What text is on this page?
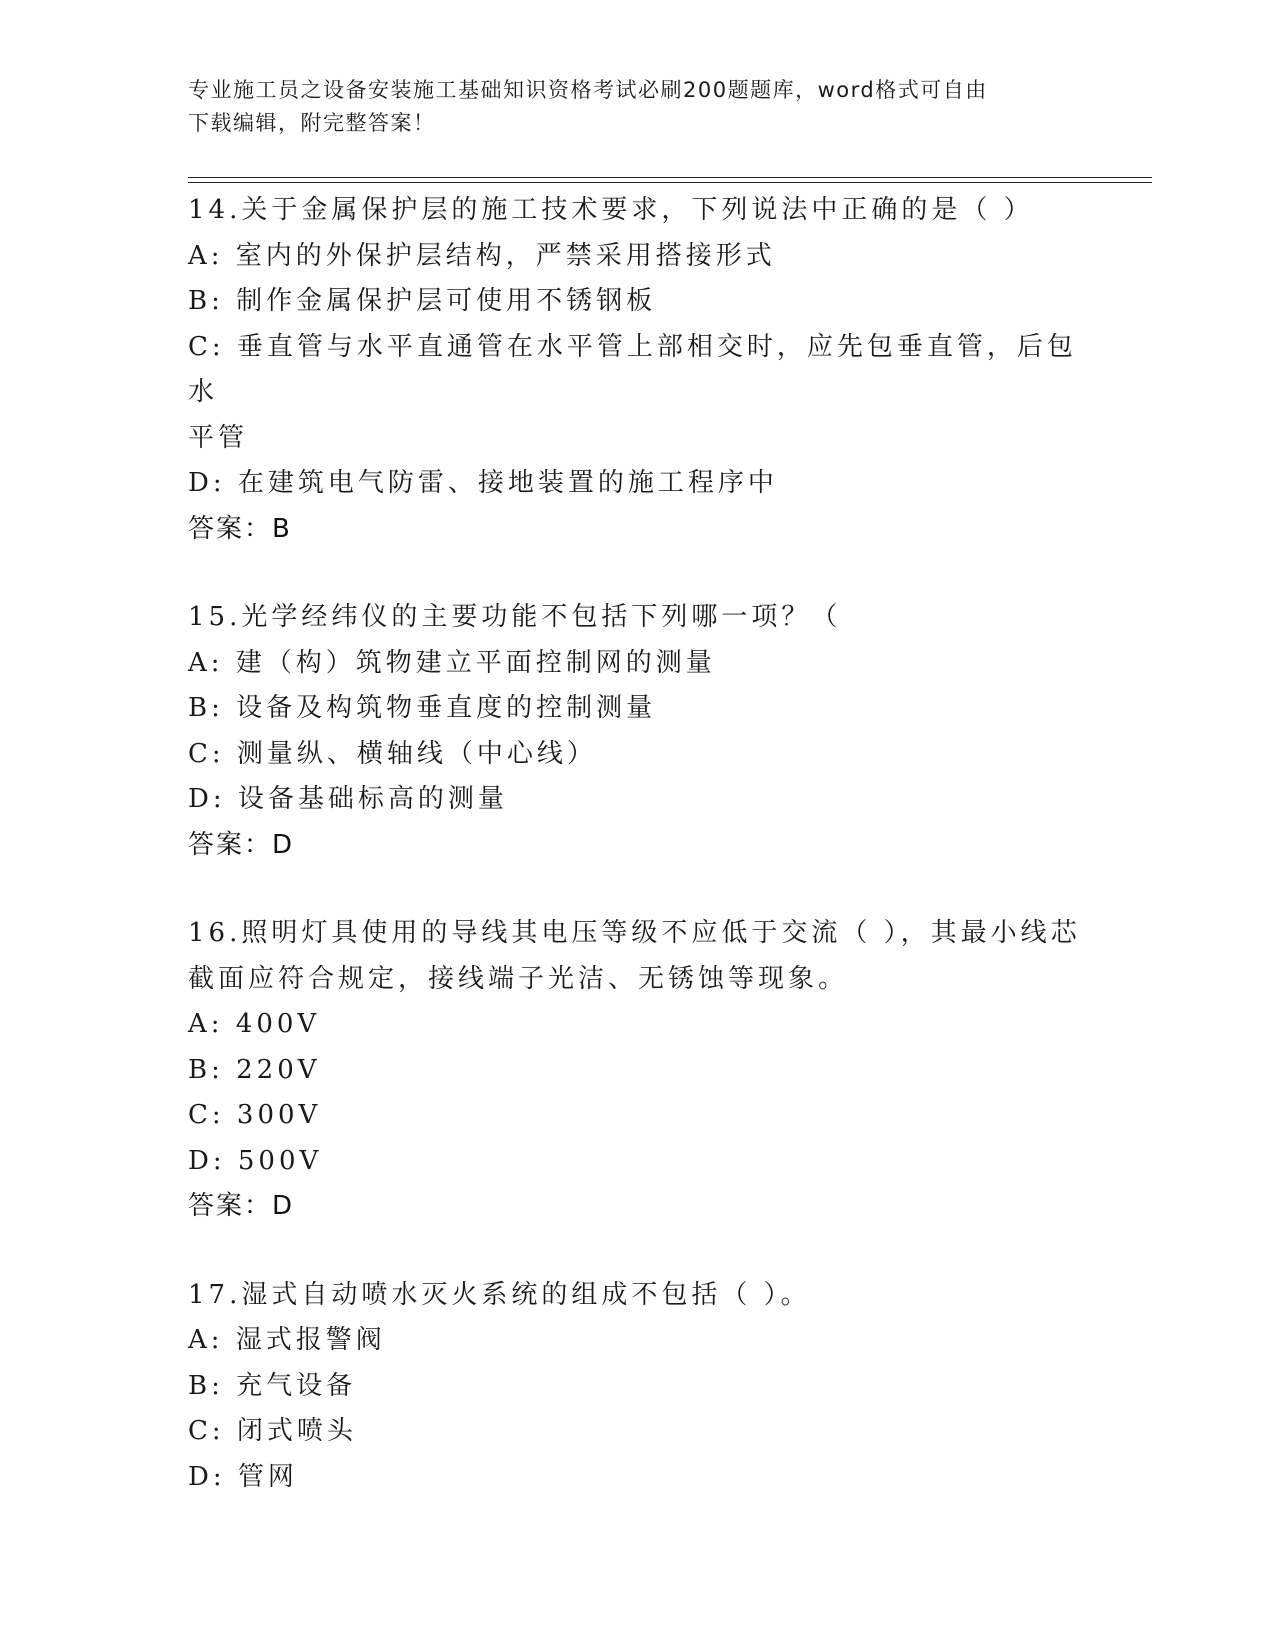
专业施工员之设备安装施工基础知识资格考试必刷200题题库，word格式可自由
下载编辑，附完整答案！
14.关于金属保护层的施工技术要求，下列说法中正确的是（ ）
A: 室内的外保护层结构，严禁采用搭接形式
B: 制作金属保护层可使用不锈钢板
C: 垂直管与水平直通管在水平管上部相交时，应先包垂直管，后包水
平管
D: 在建筑电气防雷、接地装置的施工程序中
答案：B
15.光学经纬仪的主要功能不包括下列哪一项？（
A: 建（构）筑物建立平面控制网的测量
B: 设备及构筑物垂直度的控制测量
C: 测量纵、横轴线（中心线）
D: 设备基础标高的测量
答案：D
16.照明灯具使用的导线其电压等级不应低于交流（ ），其最小线芯
截面应符合规定，接线端子光洁、无锈蚀等现象。
A: 400V
B: 220V
C: 300V
D: 500V
答案：D
17.湿式自动喷水灭火系统的组成不包括（ ）。
A: 湿式报警阀
B: 充气设备
C: 闭式喷头
D: 管网
